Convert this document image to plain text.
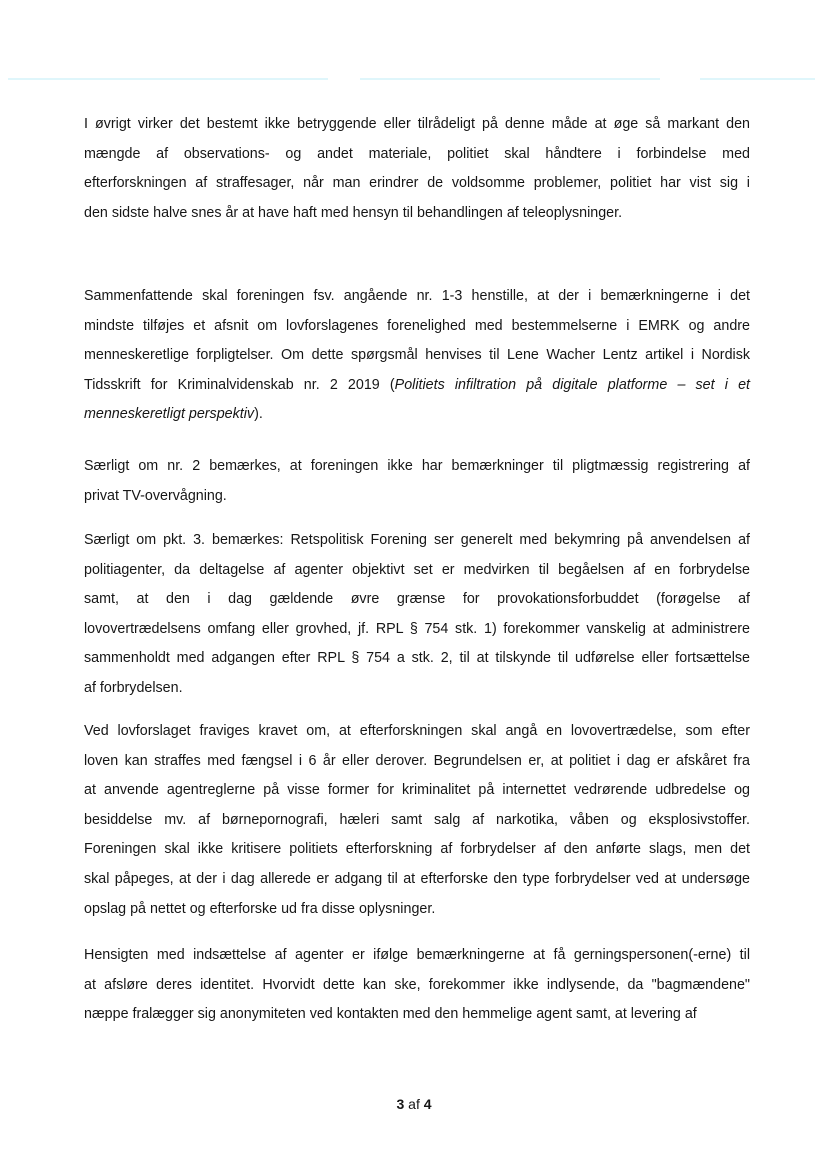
I øvrigt virker det bestemt ikke betryggende eller tilrådeligt på denne måde at øge så markant den
mængde af observations- og andet materiale, politiet skal håndtere i forbindelse med
efterforskningen af straffesager, når man erindrer de voldsomme problemer, politiet har vist sig i
den sidste halve snes år at have haft med hensyn til behandlingen af teleoplysninger.
Sammenfattende skal foreningen fsv. angående nr. 1-3 henstille, at der i bemærkningerne i det
mindste tilføjes et afsnit om lovforslagenes forenelighed med bestemmelserne i EMRK og andre
menneskeretlige forpligtelser. Om dette spørgsmål henvises til Lene Wacher Lentz artikel i Nordisk
Tidsskrift for Kriminalvidenskab nr. 2 2019 (Politiets infiltration på digitale platforme – set i et
menneskeretligt perspektiv).
Særligt om nr. 2 bemærkes, at foreningen ikke har bemærkninger til pligtmæssig registrering af
privat TV-overvågning.
Særligt om pkt. 3. bemærkes: Retspolitisk Forening ser generelt med bekymring på anvendelsen af
politiagenter, da deltagelse af agenter objektivt set er medvirken til begåelsen af en forbrydelse
samt, at den i dag gældende øvre grænse for provokationsforbuddet (forøgelse af
lovovertrædelsens omfang eller grovhed, jf. RPL § 754 stk. 1) forekommer vanskelig at administrere
sammenholdt med adgangen efter RPL § 754 a stk. 2, til at tilskynde til udførelse eller fortsættelse
af forbrydelsen.
Ved lovforslaget fraviges kravet om, at efterforskningen skal angå en lovovertrædelse, som efter
loven kan straffes med fængsel i 6 år eller derover. Begrundelsen er, at politiet i dag er afskåret fra
at anvende agentreglerne på visse former for kriminalitet på internettet vedrørende udbredelse og
besiddelse mv. af børnepornografi, hæleri samt salg af narkotika, våben og eksplosivstoffer.
Foreningen skal ikke kritisere politiets efterforskning af forbrydelser af den anførte slags, men det
skal påpeges, at der i dag allerede er adgang til at efterforske den type forbrydelser ved at undersøge
opslag på nettet og efterforske ud fra disse oplysninger.
Hensigten med indsættelse af agenter er ifølge bemærkningerne at få gerningspersonen(-erne) til
at afsløre deres identitet. Hvorvidt dette kan ske, forekommer ikke indlysende, da "bagmændene"
næppe fralægger sig anonymiteten ved kontakten med den hemmelige agent samt, at levering af
3 af 4
